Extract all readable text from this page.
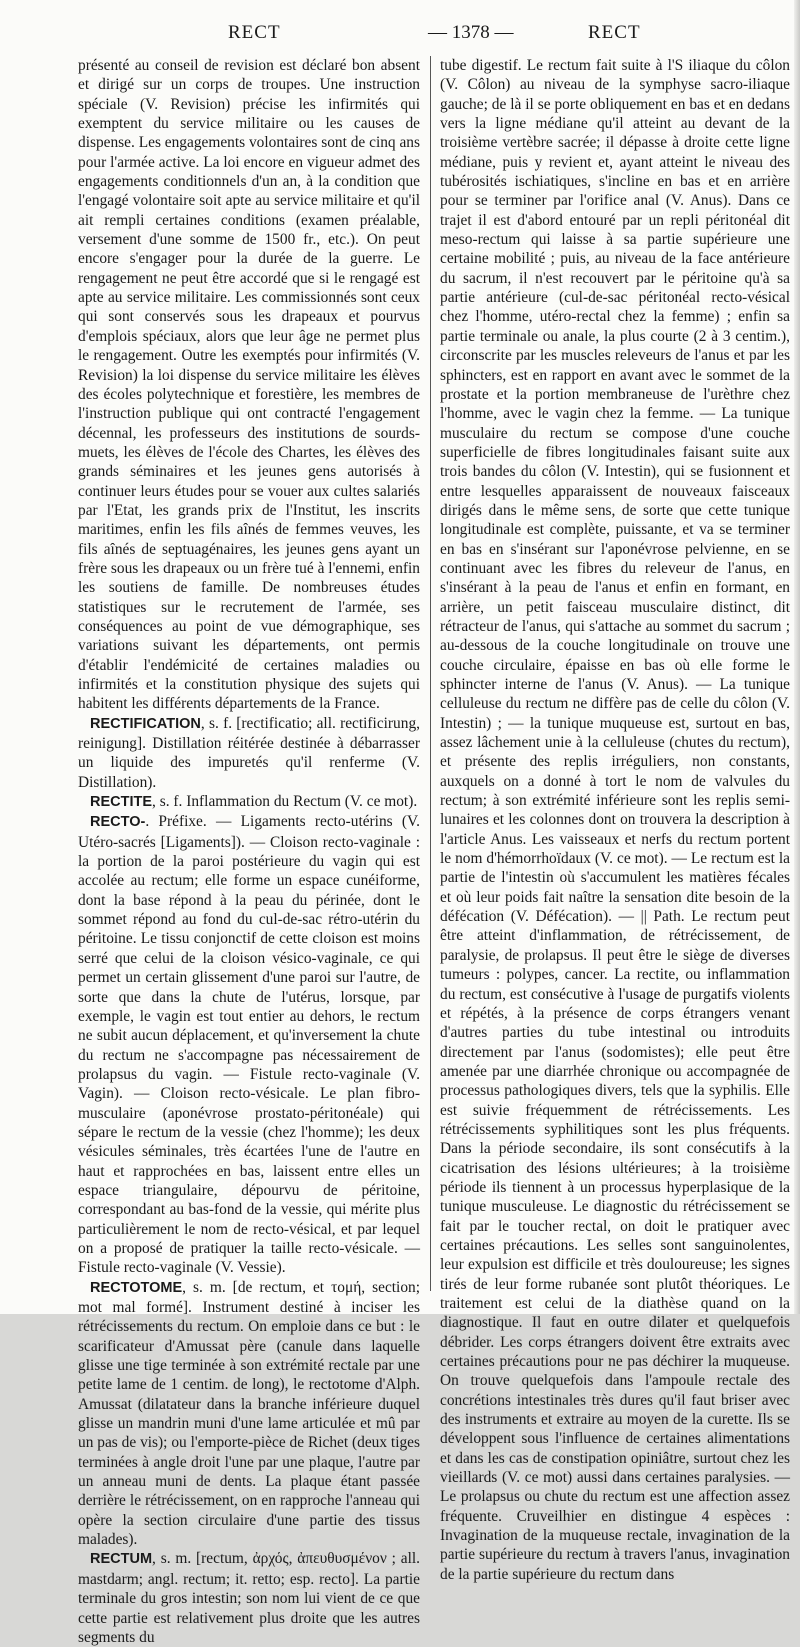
RECT	— 1378 —	RECT
présenté au conseil de revision est déclaré bon absent et dirigé sur un corps de troupes. Une instruction spéciale (V. Revision) précise les infirmités qui exemptent du service militaire ou les causes de dispense. Les engagements volontaires sont de cinq ans pour l'armée active. La loi encore en vigueur admet des engagements conditionnels d'un an, à la condition que l'engagé volontaire soit apte au service militaire et qu'il ait rempli certaines conditions (examen préalable, versement d'une somme de 1500 fr., etc.). On peut encore s'engager pour la durée de la guerre. Le rengagement ne peut être accordé que si le rengagé est apte au service militaire. Les commissionnés sont ceux qui sont conservés sous les drapeaux et pourvus d'emplois spéciaux, alors que leur âge ne permet plus le rengagement. Outre les exemptés pour infirmités (V. Revision) la loi dispense du service militaire les élèves des écoles polytechnique et forestière, les membres de l'instruction publique qui ont contracté l'engagement décennal, les professeurs des institutions de sourds-muets, les élèves de l'école des Chartes, les élèves des grands séminaires et les jeunes gens autorisés à continuer leurs études pour se vouer aux cultes salariés par l'Etat, les grands prix de l'Institut, les inscrits maritimes, enfin les fils aînés de femmes veuves, les fils aînés de septuagénaires, les jeunes gens ayant un frère sous les drapeaux ou un frère tué à l'ennemi, enfin les soutiens de famille. De nombreuses études statistiques sur le recrutement de l'armée, ses conséquences au point de vue démographique, ses variations suivant les départements, ont permis d'établir l'endémicité de certaines maladies ou infirmités et la constitution physique des sujets qui habitent les différents départements de la France.
RECTIFICATION, s. f. [rectificatio; all. rectificirung, reinigung]. Distillation réitérée destinée à débarrasser un liquide des impuretés qu'il renferme (V. Distillation).
RECTITE, s. f. Inflammation du Rectum (V. ce mot).
RECTO-. Préfixe. — Ligaments recto-utérins (V. Utéro-sacrés [Ligaments]). — Cloison recto-vaginale : la portion de la paroi postérieure du vagin qui est accolée au rectum; elle forme un espace cunéiforme, dont la base répond à la peau du périnée, dont le sommet répond au fond du cul-de-sac rétro-utérin du péritoine. Le tissu conjonctif de cette cloison est moins serré que celui de la cloison vésico-vaginale, ce qui permet un certain glissement d'une paroi sur l'autre, de sorte que dans la chute de l'utérus, lorsque, par exemple, le vagin est tout entier au dehors, le rectum ne subit aucun déplacement, et qu'inversement la chute du rectum ne s'accompagne pas nécessairement de prolapsus du vagin. — Fistule recto-vaginale (V. Vagin). — Cloison recto-vésicale. Le plan fibro-musculaire (aponévrose prostato-péritonéale) qui sépare le rectum de la vessie (chez l'homme); les deux vésicules séminales, très écartées l'une de l'autre en haut et rapprochées en bas, laissent entre elles un espace triangulaire, dépourvu de péritoine, correspondant au bas-fond de la vessie, qui mérite plus particulièrement le nom de recto-vésical, et par lequel on a proposé de pratiquer la taille recto-vésicale. — Fistule recto-vaginale (V. Vessie).
RECTOTOME, s. m. [de rectum, et τομή, section; mot mal formé]. Instrument destiné à inciser les rétrécissements du rectum. On emploie dans ce but : le scarificateur d'Amussat père (canule dans laquelle glisse une tige terminée à son extrémité rectale par une petite lame de 1 centim. de long), le rectotome d'Alph. Amussat (dilatateur dans la branche inférieure duquel glisse un mandrin muni d'une lame articulée et mû par un pas de vis); ou l'emporte-pièce de Richet (deux tiges terminées à angle droit l'une par une plaque, l'autre par un anneau muni de dents. La plaque étant passée derrière le rétrécissement, on en rapproche l'anneau qui opère la section circulaire d'une partie des tissus malades).
RECTUM, s. m. [rectum, ἀρχός, ἀπευθυσμένον ; all. mastdarm; angl. rectum; it. retto; esp. recto]. La partie terminale du gros intestin; son nom lui vient de ce que cette partie est relativement plus droite que les autres segments du
tube digestif. Le rectum fait suite à l'S iliaque du côlon (V. Côlon) au niveau de la symphyse sacro-iliaque gauche; de là il se porte obliquement en bas et en dedans vers la ligne médiane qu'il atteint au devant de la troisième vertèbre sacrée; il dépasse à droite cette ligne médiane, puis y revient et, ayant atteint le niveau des tubérosités ischiatiques, s'incline en bas et en arrière pour se terminer par l'orifice anal (V. Anus). Dans ce trajet il est d'abord entouré par un repli péritonéal dit meso-rectum qui laisse à sa partie supérieure une certaine mobilité ; puis, au niveau de la face antérieure du sacrum, il n'est recouvert par le péritoine qu'à sa partie antérieure (cul-de-sac péritonéal recto-vésical chez l'homme, utéro-rectal chez la femme) ; enfin sa partie terminale ou anale, la plus courte (2 à 3 centim.), circonscrite par les muscles releveurs de l'anus et par les sphincters, est en rapport en avant avec le sommet de la prostate et la portion membraneuse de l'urèthre chez l'homme, avec le vagin chez la femme. — La tunique musculaire du rectum se compose d'une couche superficielle de fibres longitudinales faisant suite aux trois bandes du côlon (V. Intestin), qui se fusionnent et entre lesquelles apparaissent de nouveaux faisceaux dirigés dans le même sens, de sorte que cette tunique longitudinale est complète, puissante, et va se terminer en bas en s'insérant sur l'aponévrose pelvienne, en se continuant avec les fibres du releveur de l'anus, en s'insérant à la peau de l'anus et enfin en formant, en arrière, un petit faisceau musculaire distinct, dit rétracteur de l'anus, qui s'attache au sommet du sacrum ; au-dessous de la couche longitudinale on trouve une couche circulaire, épaisse en bas où elle forme le sphincter interne de l'anus (V. Anus). — La tunique celluleuse du rectum ne diffère pas de celle du côlon (V. Intestin) ; — la tunique muqueuse est, surtout en bas, assez lâchement unie à la celluleuse (chutes du rectum), et présente des replis irréguliers, non constants, auxquels on a donné à tort le nom de valvules du rectum; à son extrémité inférieure sont les replis semi-lunaires et les colonnes dont on trouvera la description à l'article Anus. Les vaisseaux et nerfs du rectum portent le nom d'hémorrhoïdaux (V. ce mot). — Le rectum est la partie de l'intestin où s'accumulent les matières fécales et où leur poids fait naître la sensation dite besoin de la défécation (V. Défécation). — || Path. Le rectum peut être atteint d'inflammation, de rétrécissement, de paralysie, de prolapsus. Il peut être le siège de diverses tumeurs : polypes, cancer. La rectite, ou inflammation du rectum, est consécutive à l'usage de purgatifs violents et répétés, à la présence de corps étrangers venant d'autres parties du tube intestinal ou introduits directement par l'anus (sodomistes); elle peut être amenée par une diarrhée chronique ou accompagnée de processus pathologiques divers, tels que la syphilis. Elle est suivie fréquemment de rétrécissements. Les rétrécissements syphilitiques sont les plus fréquents. Dans la période secondaire, ils sont consécutifs à la cicatrisation des lésions ultérieures; à la troisième période ils tiennent à un processus hyperplasique de la tunique musculeuse. Le diagnostic du rétrécissement se fait par le toucher rectal, on doit le pratiquer avec certaines précautions. Les selles sont sanguinolentes, leur expulsion est difficile et très douloureuse; les signes tirés de leur forme rubanée sont plutôt théoriques. Le traitement est celui de la diathèse quand on la diagnostique. Il faut en outre dilater et quelquefois débrider. Les corps étrangers doivent être extraits avec certaines précautions pour ne pas déchirer la muqueuse. On trouve quelquefois dans l'ampoule rectale des concrétions intestinales très dures qu'il faut briser avec des instruments et extraire au moyen de la curette. Ils se développent sous l'influence de certaines alimentations et dans les cas de constipation opiniâtre, surtout chez les vieillards (V. ce mot) aussi dans certaines paralysies. — Le prolapsus ou chute du rectum est une affection assez fréquente. Cruveilhier en distingue 4 espèces : Invagination de la muqueuse rectale, invagination de la partie supérieure du rectum à travers l'anus, invagination de la partie supérieure du rectum dans
